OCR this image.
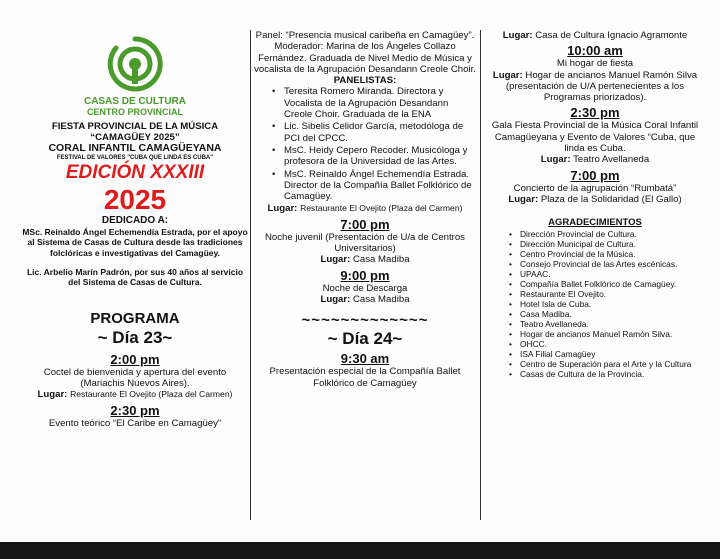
CASAS DE CULTURA
CENTRO PROVINCIAL
FIESTA PROVINCIAL DE LA MÚSICA
“CAMAGÜEY 2025”
CORAL INFANTIL CAMAGÜEYANA
FESTIVAL DE VALORES "CUBA QUE LINDA ES CUBA"
EDICIÓN XXXIII
2025
DEDICADO A:
MSc. Reinaldo Ángel Echemendía Estrada, por el apoyo al Sistema de Casas de Cultura desde las tradiciones folclóricas e investigativas del Camagüey.
Lic. Arbelio Marín Padrón, por sus 40 años al servicio del Sistema de Casas de Cultura.
PROGRAMA
~ Día 23~
2:00 pm
Coctel de bienvenida y apertura del evento (Mariachis Nuevos Aires).
Lugar: Restaurante El Ovejito (Plaza del Carmen)
2:30 pm
Evento teórico “El Caribe en Camagüey”
Panel: “Presencia musical caribeña en Camagüey”.
Moderador: Marina de los Ángeles Collazo Fernández. Graduada de Nivel Medio de Música y vocalista de la Agrupación Desandann Creole Choir.
PANELISTAS:
• Teresita Romero Miranda. Directora y Vocalista de la Agrupación Desandann Creole Choir. Graduada de la ENA
• Lic. Sibelis Celidor García, metodóloga de PCI del CPCC.
• MsC. Heidy Cepero Recoder. Musicóloga y profesora de la Universidad de las Artes.
• MsC. Reinaldo Ángel Echemendía Estrada. Director de la Compañía Ballet Folklórico de Camagüey.
Lugar: Restaurante El Ovejito (Plaza del Carmen)
7:00 pm
Noche juvenil (Presentación de U/a de Centros Universitarios)
Lugar: Casa Madiba
9:00 pm
Noche de Descarga
Lugar: Casa Madiba
~~~~~~~~~~~~~
~ Día 24~
9:30 am
Presentación especial de la Compañía Ballet Folklórico de Camagüey
Lugar: Casa de Cultura Ignacio Agramonte
10:00 am
Mi hogar de fiesta
Lugar: Hogar de ancianos Manuel Ramón Silva (presentación de U/A pertenecientes a los Programas priorizados).
2:30 pm
Gala Fiesta Provincial de la Música Coral Infantil Camagüeyana y Evento de Valores “Cuba, que linda es Cuba.
Lugar: Teatro Avellaneda
7:00 pm
Concierto de la agrupación “Rumbatá”
Lugar: Plaza de la Solidaridad (El Gallo)
AGRADECIMIENTOS
• Dirección Provincial de Cultura.
• Dirección Municipal de Cultura.
• Centro Provincial de la Música.
• Consejo Provincial de las Artes escénicas.
• UPAAC.
• Compañía Ballet Folklórico de Camagüey.
• Restaurante El Ovejito.
• Hotel Isla de Cuba.
• Casa Madiba.
• Teatro Avellaneda.
• Hogar de ancianos Manuel Ramón Silva.
• OHCC.
• ISA Filial Camagüey
• Centro de Superación para el Arte y la Cultura
• Casas de Cultura de la Provincia.
